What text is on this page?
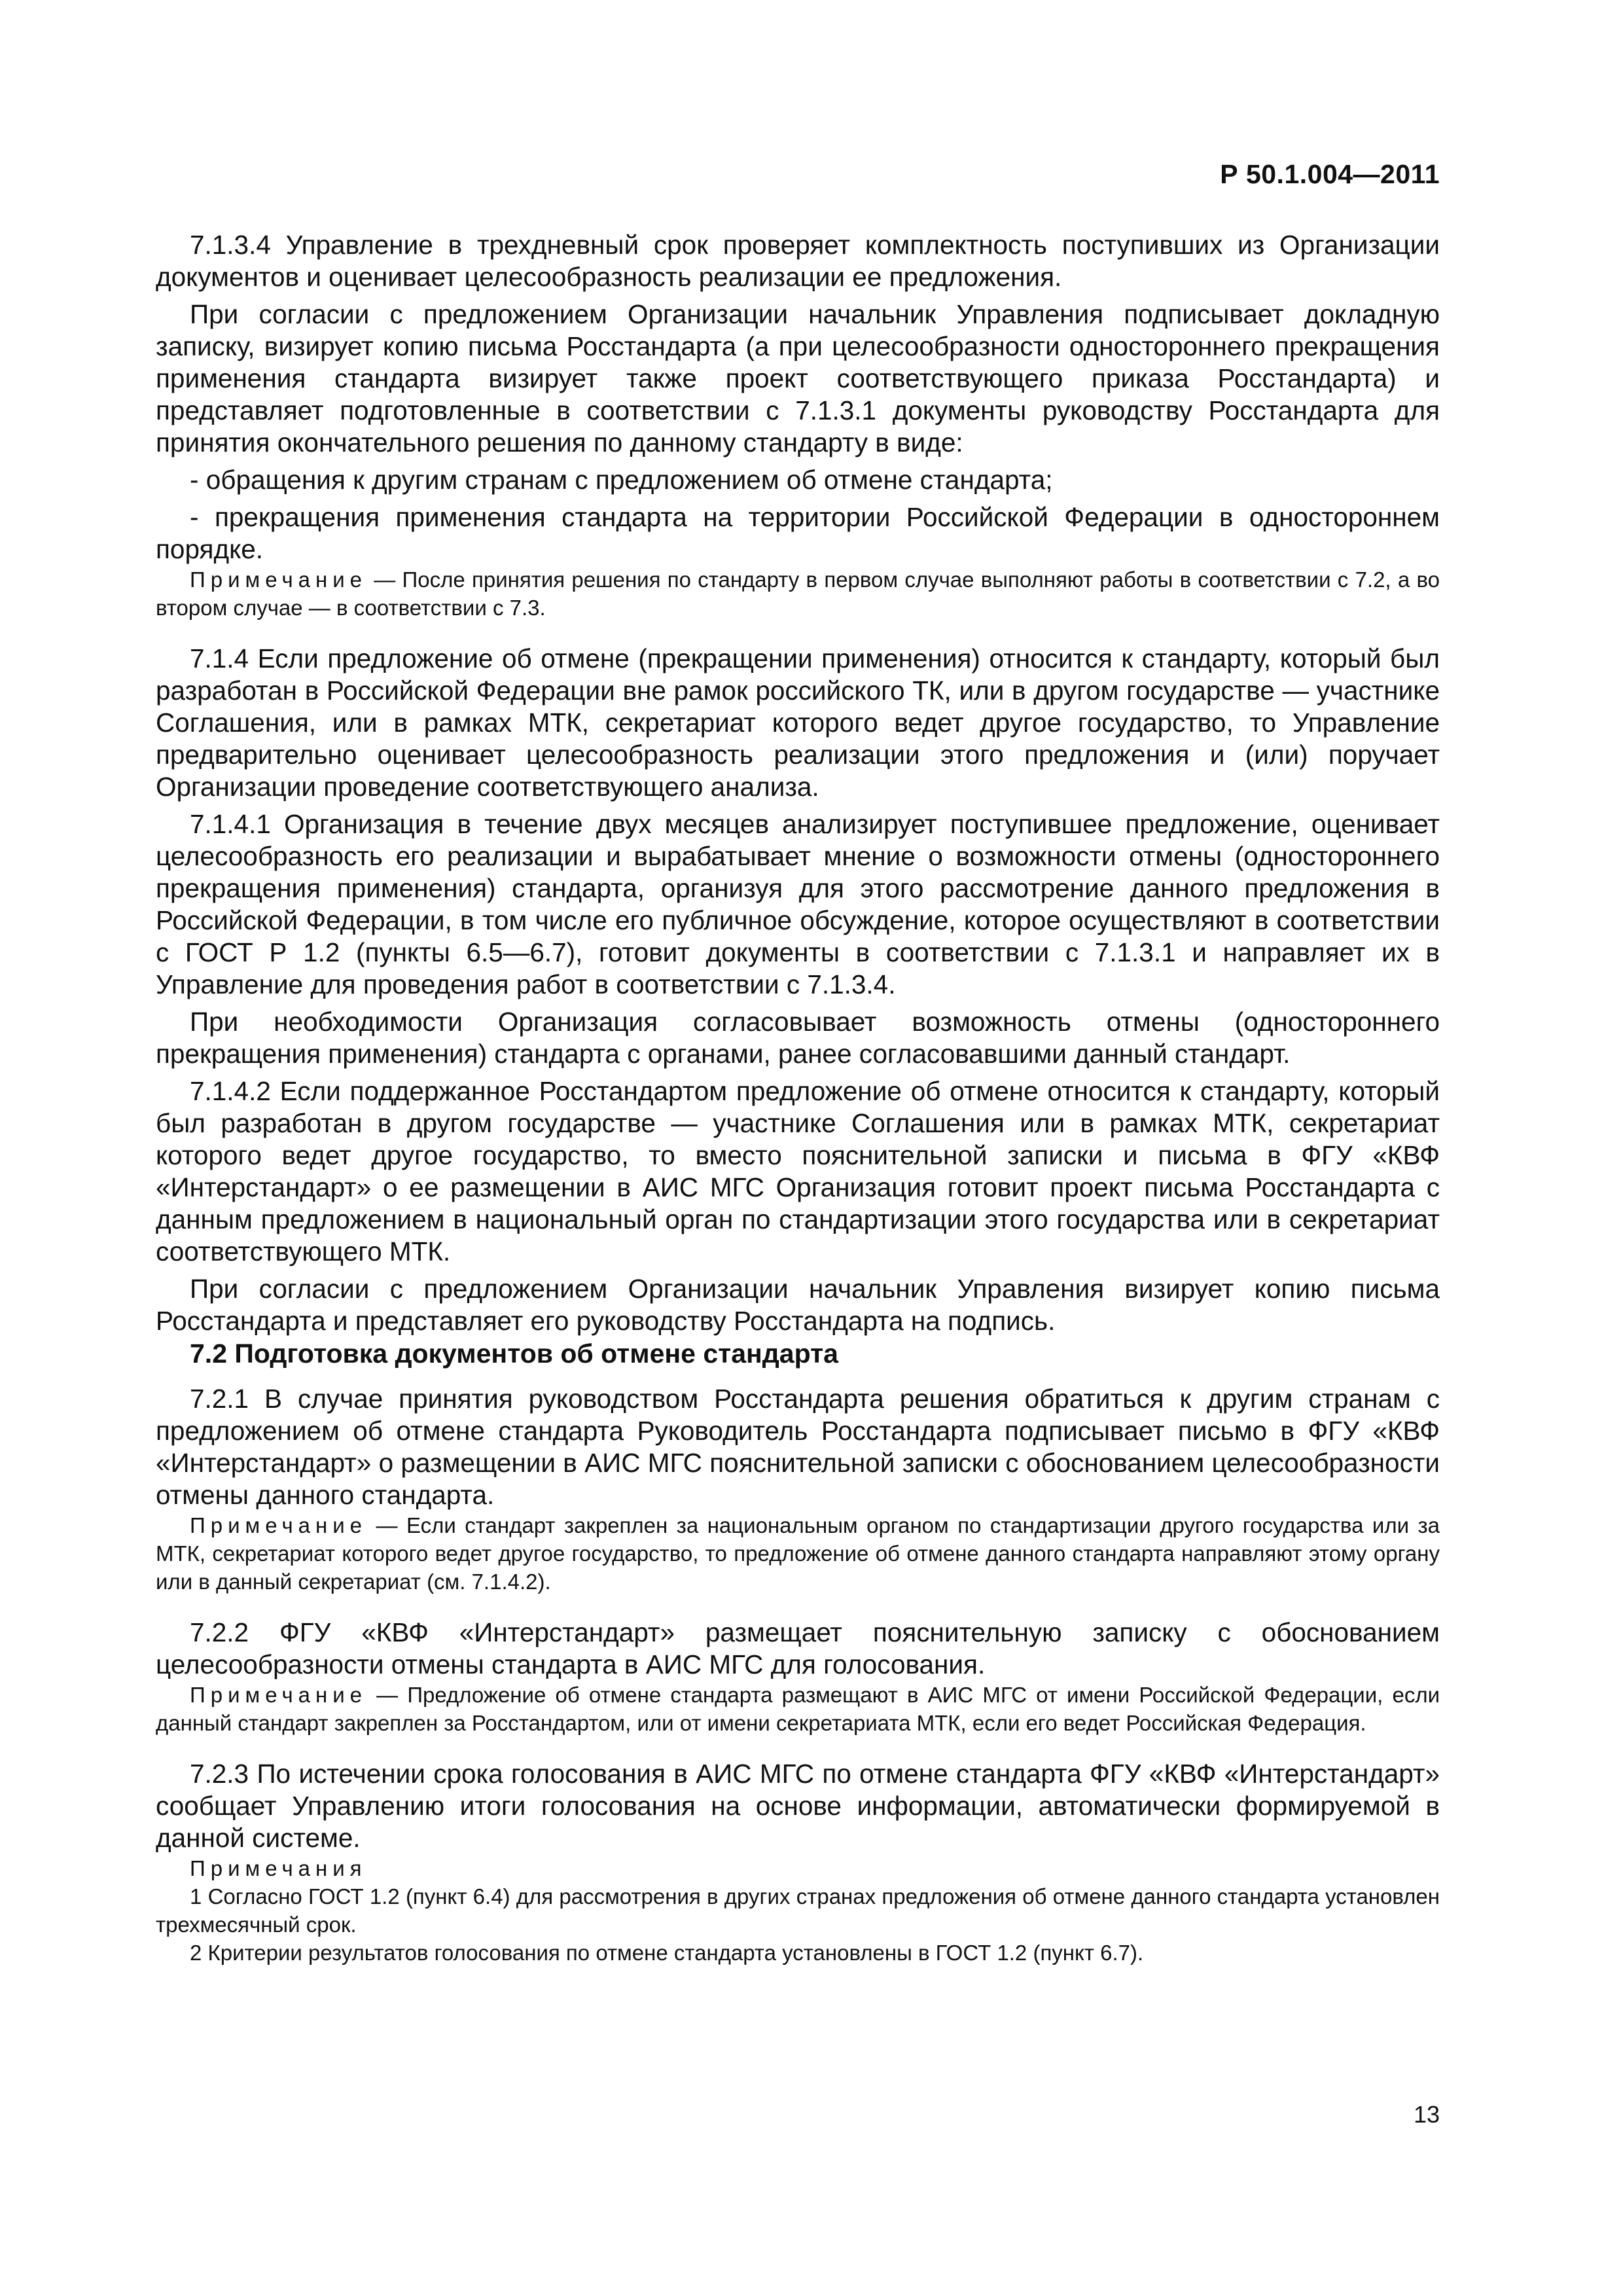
Р 50.1.004—2011

7.1.3.4 Управление в трехдневный срок проверяет комплектность поступивших из Организации документов и оценивает целесообразность реализации ее предложения.

При согласии с предложением Организации начальник Управления подписывает докладную записку, визирует копию письма Росстандарта (а при целесообразности одностороннего прекращения применения стандарта визирует также проект соответствующего приказа Росстандарта) и представляет подготовленные в соответствии с 7.1.3.1 документы руководству Росстандарта для принятия окончательного решения по данному стандарту в виде:

- обращения к другим странам с предложением об отмене стандарта;

- прекращения применения стандарта на территории Российской Федерации в одностороннем порядке.

Примечание — После принятия решения по стандарту в первом случае выполняют работы в соответствии с 7.2, а во втором случае — в соответствии с 7.3.

7.1.4 Если предложение об отмене (прекращении применения) относится к стандарту, который был разработан в Российской Федерации вне рамок российского ТК, или в другом государстве — участнике Соглашения, или в рамках МТК, секретариат которого ведет другое государство, то Управление предварительно оценивает целесообразность реализации этого предложения и (или) поручает Организации проведение соответствующего анализа.

7.1.4.1 Организация в течение двух месяцев анализирует поступившее предложение, оценивает целесообразность его реализации и вырабатывает мнение о возможности отмены (одностороннего прекращения применения) стандарта, организуя для этого рассмотрение данного предложения в Российской Федерации, в том числе его публичное обсуждение, которое осуществляют в соответствии с ГОСТ Р 1.2 (пункты 6.5—6.7), готовит документы в соответствии с 7.1.3.1 и направляет их в Управление для проведения работ в соответствии с 7.1.3.4.

При необходимости Организация согласовывает возможность отмены (одностороннего прекращения применения) стандарта с органами, ранее согласовавшими данный стандарт.

7.1.4.2 Если поддержанное Росстандартом предложение об отмене относится к стандарту, который был разработан в другом государстве — участнике Соглашения или в рамках МТК, секретариат которого ведет другое государство, то вместо пояснительной записки и письма в ФГУ «КВФ «Интерстандарт» о ее размещении в АИС МГС Организация готовит проект письма Росстандарта с данным предложением в национальный орган по стандартизации этого государства или в секретариат соответствующего МТК.

При согласии с предложением Организации начальник Управления визирует копию письма Росстандарта и представляет его руководству Росстандарта на подпись.

7.2 Подготовка документов об отмене стандарта

7.2.1 В случае принятия руководством Росстандарта решения обратиться к другим странам с предложением об отмене стандарта Руководитель Росстандарта подписывает письмо в ФГУ «КВФ «Интерстандарт» о размещении в АИС МГС пояснительной записки с обоснованием целесообразности отмены данного стандарта.

Примечание — Если стандарт закреплен за национальным органом по стандартизации другого государства или за МТК, секретариат которого ведет другое государство, то предложение об отмене данного стандарта направляют этому органу или в данный секретариат (см. 7.1.4.2).

7.2.2 ФГУ «КВФ «Интерстандарт» размещает пояснительную записку с обоснованием целесообразности отмены стандарта в АИС МГС для голосования.

Примечание — Предложение об отмене стандарта размещают в АИС МГС от имени Российской Федерации, если данный стандарт закреплен за Росстандартом, или от имени секретариата МТК, если его ведет Российская Федерация.

7.2.3 По истечении срока голосования в АИС МГС по отмене стандарта ФГУ «КВФ «Интерстандарт» сообщает Управлению итоги голосования на основе информации, автоматически формируемой в данной системе.

Примечания
1 Согласно ГОСТ 1.2 (пункт 6.4) для рассмотрения в других странах предложения об отмене данного стандарта установлен трехмесячный срок.
2 Критерии результатов голосования по отмене стандарта установлены в ГОСТ 1.2 (пункт 6.7).
13
